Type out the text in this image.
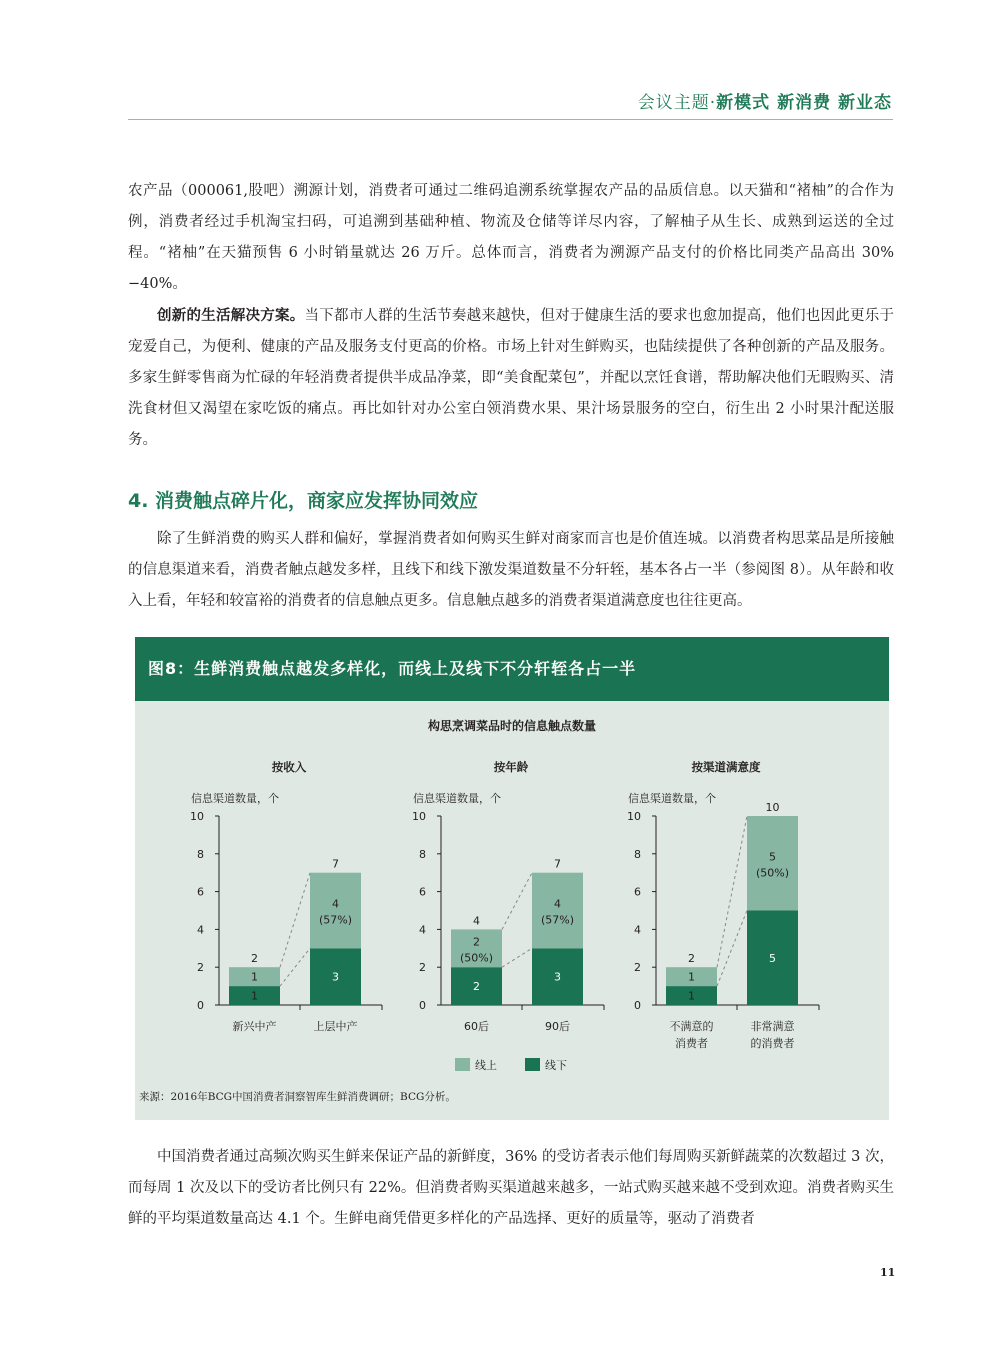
会议主题·新模式 新消费 新业态

农产品（000061,股吧）溯源计划，消费者可通过二维码追溯系统掌握农产品的品质信息。以天猫和“褚柚”的合作为例，消费者经过手机淘宝扫码，可追溯到基础种植、物流及仓储等详尽内容，了解柚子从生长、成熟到运送的全过程。“褚柚”在天猫预售 6 小时销量就达 26 万斤。总体而言，消费者为溯源产品支付的价格比同类产品高出 30%−40%。

创新的生活解决方案。当下都市人群的生活节奏越来越快，但对于健康生活的要求也愈加提高，他们也因此更乐于宠爱自己，为便利、健康的产品及服务支付更高的价格。市场上针对生鲜购买，也陆续提供了各种创新的产品及服务。多家生鲜零售商为忙碌的年轻消费者提供半成品净菜，即“美食配菜包”，并配以烹饪食谱，帮助解决他们无暇购买、清洗食材但又渴望在家吃饭的痛点。再比如针对办公室白领消费水果、果汁场景服务的空白，衍生出 2 小时果汁配送服务。

4. 消费触点碎片化，商家应发挥协同效应

除了生鲜消费的购买人群和偏好，掌握消费者如何购买生鲜对商家而言也是价值连城。以消费者构思菜品是所接触的信息渠道来看，消费者触点越发多样，且线下和线下激发渠道数量不分轩轾，基本各占一半（参阅图 8）。从年龄和收入上看，年轻和较富裕的消费者的信息触点更多。信息触点越多的消费者渠道满意度也往往更高。

图8：生鲜消费触点越发多样化，而线上及线下不分轩轾各占一半
构思烹调菜品时的信息触点数量
按收入
信息渠道数量，个
0
2
4
6
8
10
1
1
2
新兴中产
3
4
(57%)
7
上层中产
按年龄
信息渠道数量，个
0
2
4
6
8
10
2
2
(50%)
4
60后
3
4
(57%)
7
90后
按渠道满意度
信息渠道数量，个
0
2
4
6
8
10
1
1
2
不满意的
消费者
5
5
(50%)
10
非常满意
的消费者
线上	线下
来源：2016年BCG中国消费者洞察智库生鲜消费调研；BCG分析。

中国消费者通过高频次购买生鲜来保证产品的新鲜度，36% 的受访者表示他们每周购买新鲜蔬菜的次数超过 3 次，而每周 1 次及以下的受访者比例只有 22%。但消费者购买渠道越来越多，一站式购买越来越不受到欢迎。消费者购买生鲜的平均渠道数量高达 4.1 个。生鲜电商凭借更多样化的产品选择、更好的质量等，驱动了消费者

11
